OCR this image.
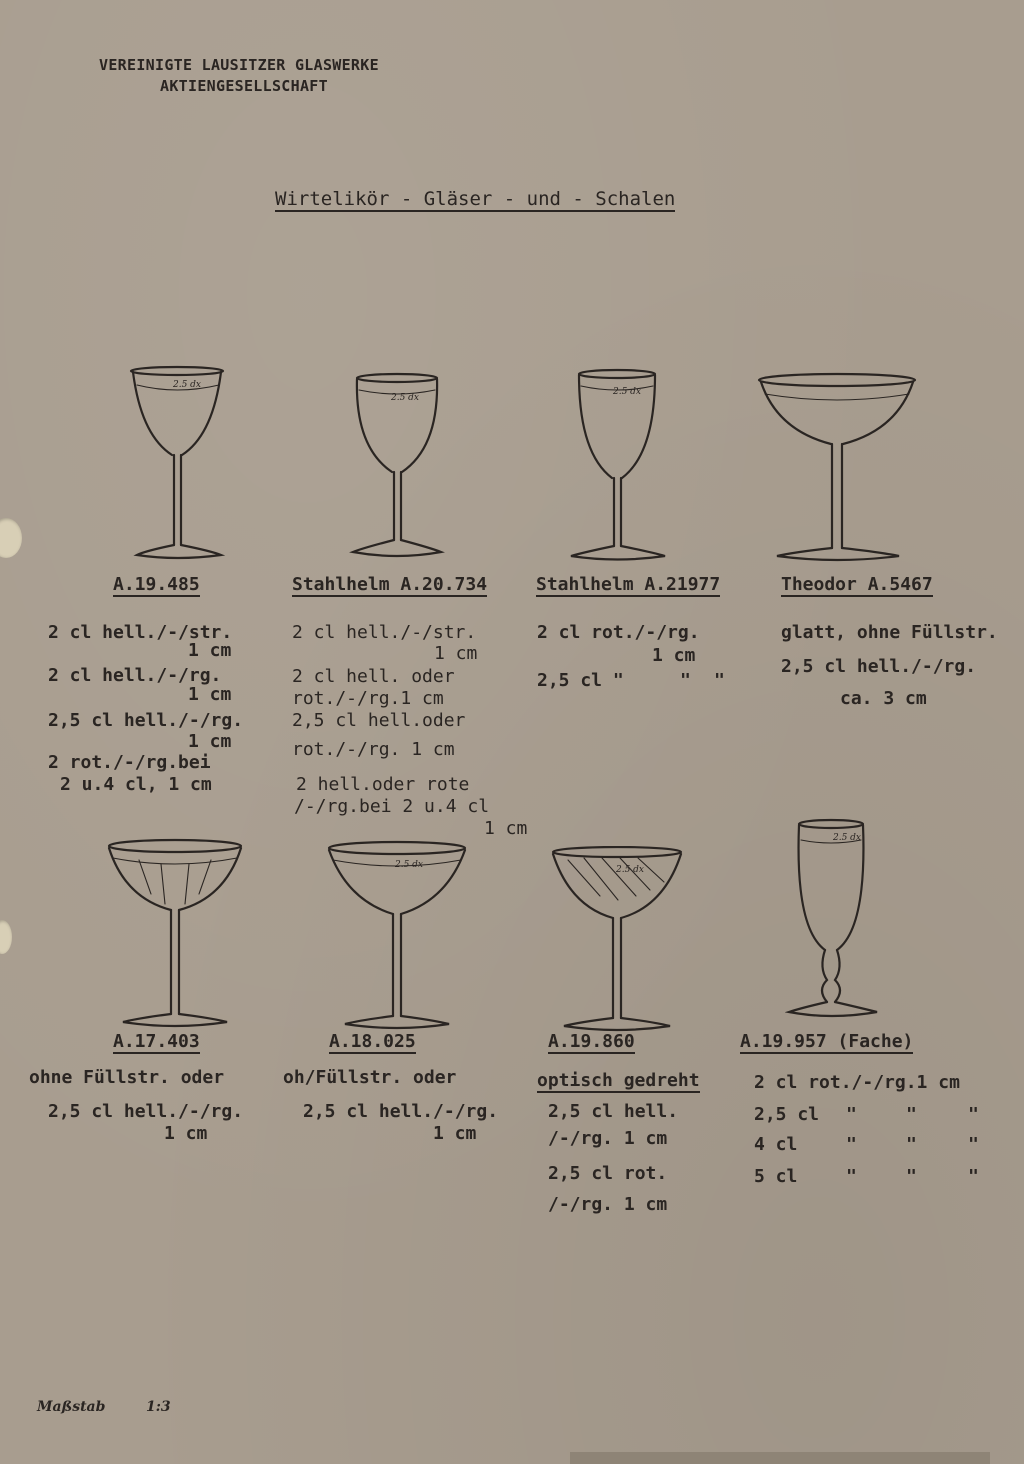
VEREINIGTE LAUSITZER GLASWERKE
AKTIENGESELLSCHAFT
Wirtelikör - Gläser - und - Schalen
2.5 dx
2.5 dx
2.5 dx
A.19.485	Stahlhelm A.20.734	Stahlhelm A.21977	Theodor A.5467
2 cl hell./-/str.
1 cm
2 cl hell./-/rg.
1 cm
2,5 cl hell./-/rg.
1 cm
2 rot./-/rg.bei
2 u.4 cl, 1 cm
2 cl hell./-/str.
1 cm
2 cl hell. oder
rot./-/rg.1 cm
2,5 cl hell.oder
rot./-/rg. 1 cm
2 hell.oder rote
/-/rg.bei 2 u.4 cl
1 cm
2 cl rot./-/rg.
1 cm
2,5 cl "	" "
glatt, ohne Füllstr.
2,5 cl hell./-/rg.
ca. 3 cm
2.5 dx	2.5 dx
2.5 dx
A.17.403	A.18.025	A.19.860	A.19.957 (Fache)
ohne Füllstr. oder
2,5 cl hell./-/rg.
1 cm
oh/Füllstr. oder
2,5 cl hell./-/rg.
1 cm
optisch gedreht
2,5 cl hell.
/-/rg. 1 cm
2,5 cl rot.
/-/rg. 1 cm
2 cl rot./-/rg.1 cm
2,5 cl "	"	"
4 cl	"	"	"
5 cl	"	"	"
Maßstab	1:3
